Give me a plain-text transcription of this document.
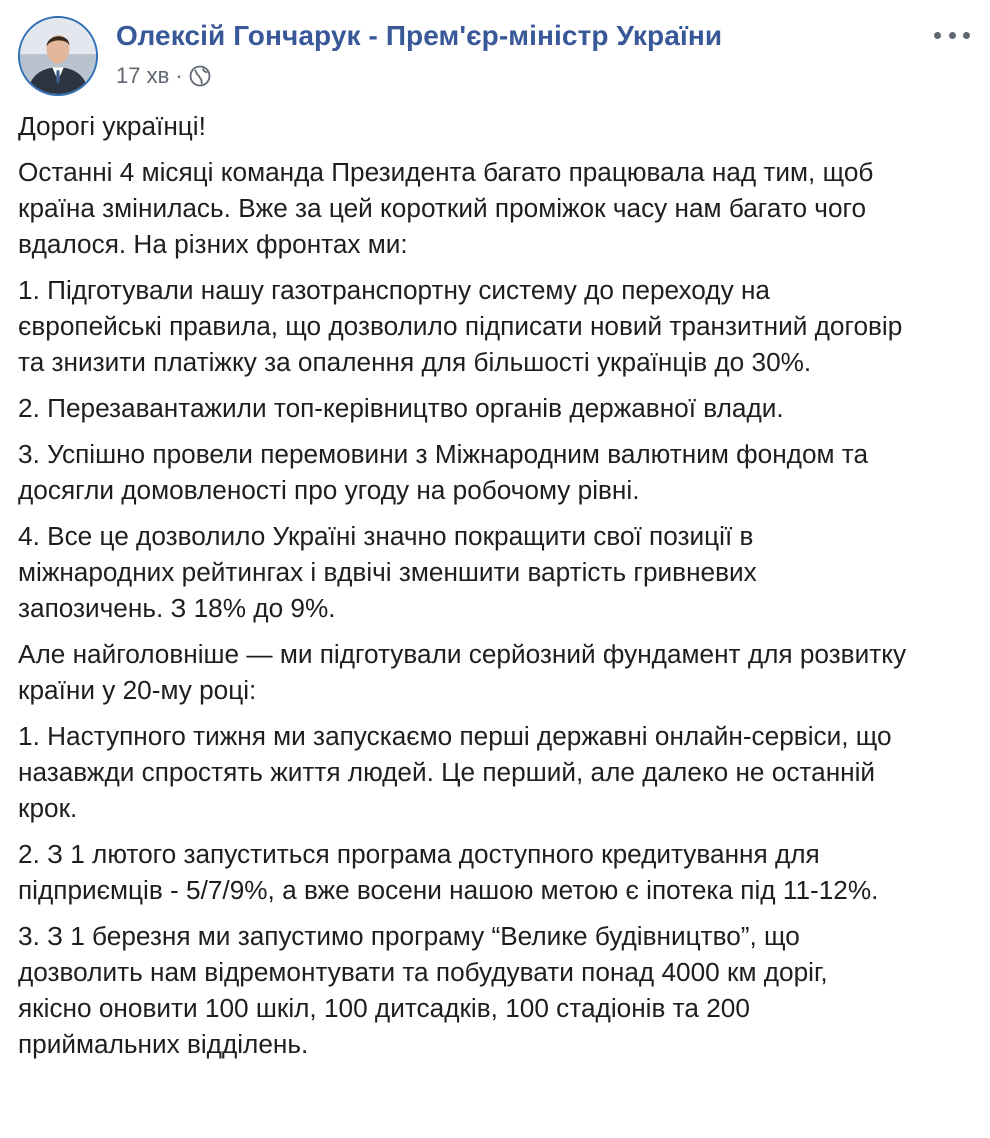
Олексій Гончарук - Прем'єр-міністр України
17 хв ·

Дорогі українці!

Останні 4 місяці команда Президента багато працювала над тим, щоб
країна змінилась. Вже за цей короткий проміжок часу нам багато чого
вдалося. На різних фронтах ми:

1. Підготували нашу газотранспортну систему до переходу на
європейські правила, що дозволило підписати новий транзитний договір
та знизити платіжку за опалення для більшості українців до 30%.

2. Перезавантажили топ-керівництво органів державної влади.

3. Успішно провели перемовини з Міжнародним валютним фондом та
досягли домовленості про угоду на робочому рівні.

4. Все це дозволило Україні значно покращити свої позиції в
міжнародних рейтингах і вдвічі зменшити вартість гривневих
запозичень. З 18% до 9%.

Але найголовніше — ми підготували серйозний фундамент для розвитку
країни у 20-му році:

1. Наступного тижня ми запускаємо перші державні онлайн-сервіси, що
назавжди спростять життя людей. Це перший, але далеко не останній
крок.

2. З 1 лютого запуститься програма доступного кредитування для
підприємців - 5/7/9%, а вже восени нашою метою є іпотека під 11-12%.

3. З 1 березня ми запустимо програму “Велике будівництво”, що
дозволить нам відремонтувати та побудувати понад 4000 км доріг,
якісно оновити 100 шкіл, 100 дитсадків, 100 стадіонів та 200
приймальних відділень.
